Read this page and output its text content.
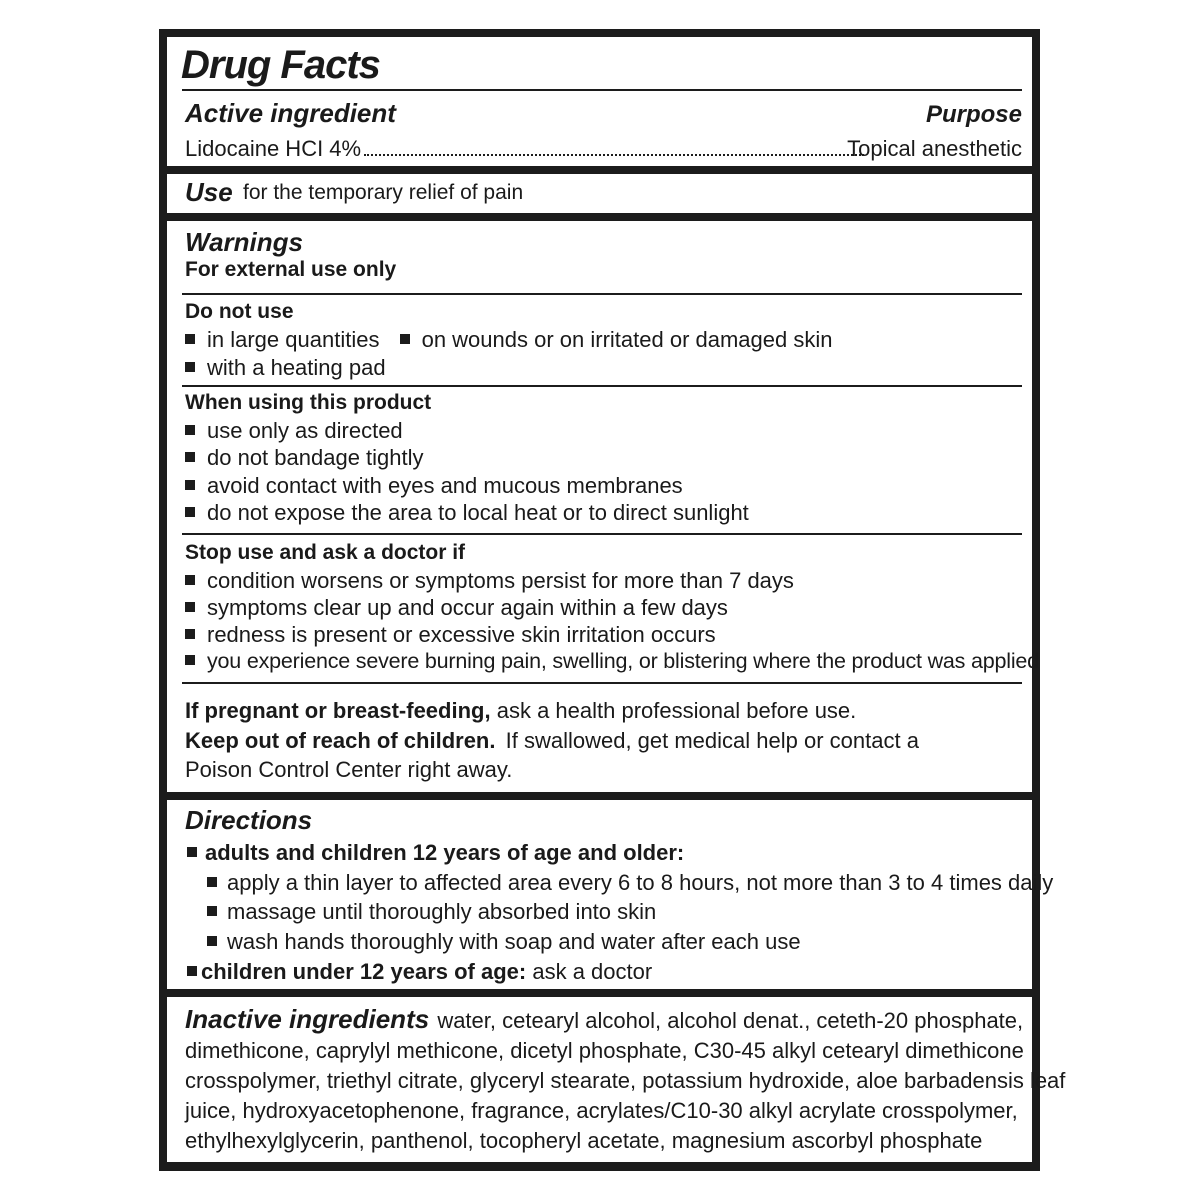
Drug Facts
Active ingredient	Purpose
Lidocaine HCI 4%	Topical anesthetic
Use for the temporary relief of pain
Warnings
For external use only
Do not use
in large quantities on wounds or on irritated or damaged skin
with a heating pad
When using this product
use only as directed
do not bandage tightly
avoid contact with eyes and mucous membranes
do not expose the area to local heat or to direct sunlight
Stop use and ask a doctor if
condition worsens or symptoms persist for more than 7 days
symptoms clear up and occur again within a few days
redness is present or excessive skin irritation occurs
you experience severe burning pain, swelling, or blistering where the product was applied
If pregnant or breast-feeding, ask a health professional before use.
Keep out of reach of children. If swallowed, get medical help or contact a
Poison Control Center right away.
Directions
adults and children 12 years of age and older:
apply a thin layer to affected area every 6 to 8 hours, not more than 3 to 4 times daily
massage until thoroughly absorbed into skin
wash hands thoroughly with soap and water after each use
children under 12 years of age: ask a doctor
Inactive ingredients water, cetearyl alcohol, alcohol denat., ceteth-20 phosphate,
dimethicone, caprylyl methicone, dicetyl phosphate, C30-45 alkyl cetearyl dimethicone
crosspolymer, triethyl citrate, glyceryl stearate, potassium hydroxide, aloe barbadensis leaf
juice, hydroxyacetophenone, fragrance, acrylates/C10-30 alkyl acrylate crosspolymer,
ethylhexylglycerin, panthenol, tocopheryl acetate, magnesium ascorbyl phosphate
